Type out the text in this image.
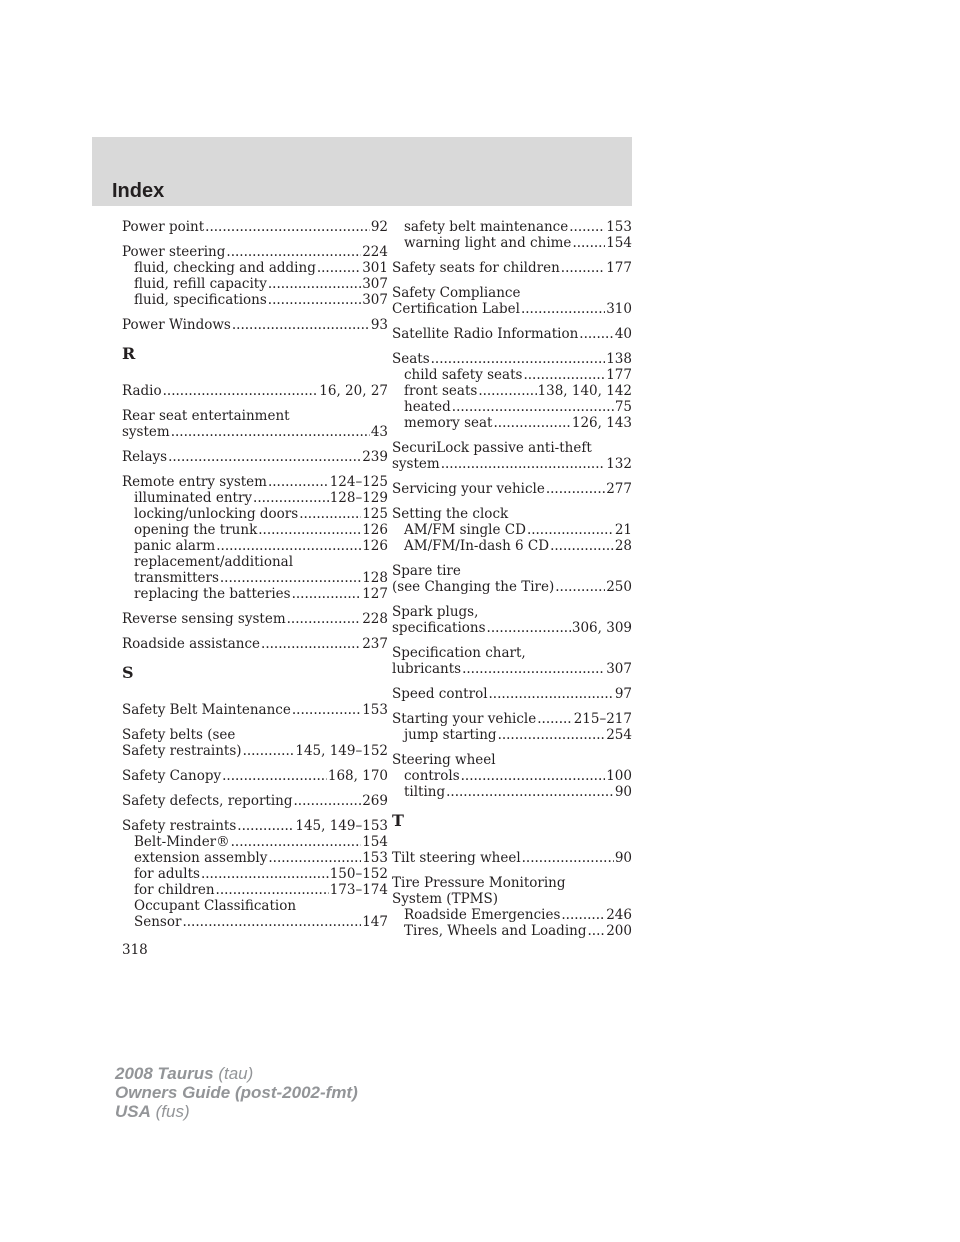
Index
Power point .....	92
Power steering .....	224
fluid, checking and adding .....	301
fluid, refill capacity .....	307
fluid, specifications .....	307
Power Windows .....	93
R
Radio .....	16, 20, 27
Rear seat entertainment
system .....	43
Relays .....	239
Remote entry system .....	124–125
illuminated entry .....	128–129
locking/unlocking doors .....	125
opening the trunk .....	126
panic alarm .....	126
replacement/additional
transmitters .....	128
replacing the batteries .....	127
Reverse sensing system .....	228
Roadside assistance .....	237
S
Safety Belt Maintenance .....	153
Safety belts (see
Safety restraints) .....	145, 149–152
Safety Canopy .....	168, 170
Safety defects, reporting .....	269
Safety restraints .....	145, 149–153
Belt-Minder® .....	154
extension assembly .....	153
for adults .....	150–152
for children .....	173–174
Occupant Classification
Sensor .....	147
safety belt maintenance .....	153
warning light and chime .....	154
Safety seats for children .....	177
Safety Compliance
Certification Label .....	310
Satellite Radio Information .....	40
Seats .....	138
child safety seats .....	177
front seats .....	138, 140, 142
heated .....	75
memory seat .....	126, 143
SecuriLock passive anti-theft
system .....	132
Servicing your vehicle .....	277
Setting the clock
AM/FM single CD .....	21
AM/FM/In-dash 6 CD .....	28
Spare tire
(see Changing the Tire) .....	250
Spark plugs,
specifications .....	306, 309
Specification chart,
lubricants .....	307
Speed control .....	97
Starting your vehicle .....	215–217
jump starting .....	254
Steering wheel
controls .....	100
tilting .....	90
T
Tilt steering wheel .....	90
Tire Pressure Monitoring
System (TPMS)
Roadside Emergencies .....	246
Tires, Wheels and Loading ..... 200
318
2008 Taurus (tau)
Owners Guide (post-2002-fmt)
USA (fus)
